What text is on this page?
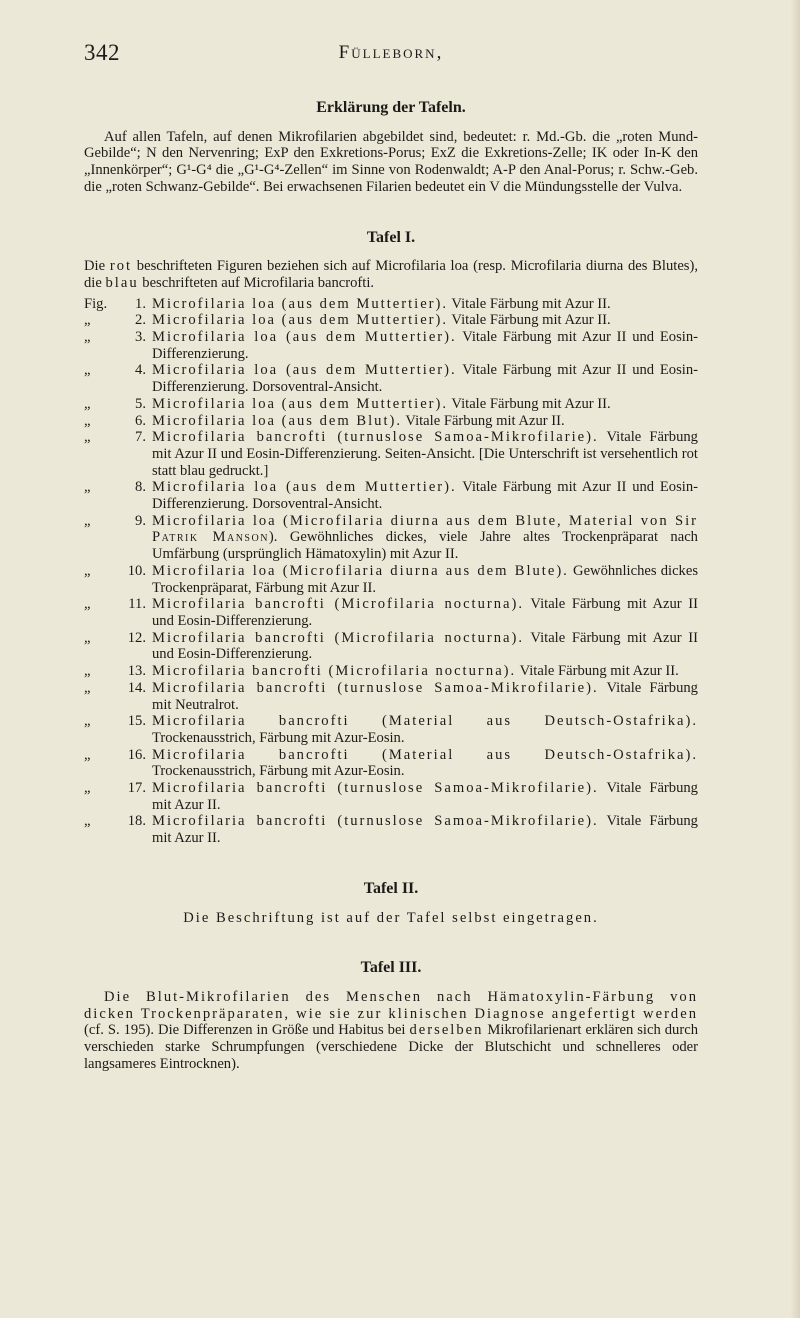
342	Fülleborn,
Erklärung der Tafeln.

Auf allen Tafeln, auf denen Mikrofilarien abgebildet sind, bedeutet: r. Md.-Gb. die „roten Mund-Gebilde“; N den Nervenring; ExP den Exkretions-Porus; ExZ die Exkretions-Zelle; IK oder In-K den „Innenkörper“; G¹-G⁴ die „G¹-G⁴-Zellen“ im Sinne von Rodenwaldt; A-P den Anal-Porus; r. Schw.-Geb. die „roten Schwanz-Gebilde“. Bei erwachsenen Filarien bedeutet ein V die Mündungsstelle der Vulva.

Tafel I.

Die rot beschrifteten Figuren beziehen sich auf Microfilaria loa (resp. Microfilaria diurna des Blutes), die blau beschrifteten auf Microfilaria bancrofti.

Fig.	1. Microfilaria loa (aus dem Muttertier). Vitale Färbung mit Azur II.
„	2. Microfilaria loa (aus dem Muttertier). Vitale Färbung mit Azur II.
„	3. Microfilaria loa (aus dem Muttertier). Vitale Färbung mit Azur II und Eosin-Differenzierung.
„	4. Microfilaria loa (aus dem Muttertier). Vitale Färbung mit Azur II und Eosin-Differenzierung. Dorsoventral-Ansicht.
„	5. Microfilaria loa (aus dem Muttertier). Vitale Färbung mit Azur II.
„	6. Microfilaria loa (aus dem Blut). Vitale Färbung mit Azur II.
„	7. Microfilaria bancrofti (turnuslose Samoa-Mikrofilarie). Vitale Färbung mit Azur II und Eosin-Differenzierung. Seiten-Ansicht. [Die Unterschrift ist versehentlich rot statt blau gedruckt.]
„	8. Microfilaria loa (aus dem Muttertier). Vitale Färbung mit Azur II und Eosin-Differenzierung. Dorsoventral-Ansicht.
„	9. Microfilaria loa (Microfilaria diurna aus dem Blute, Material von Sir Patrik Manson). Gewöhnliches dickes, viele Jahre altes Trockenpräparat nach Umfärbung (ursprünglich Hämatoxylin) mit Azur II.
„	10. Microfilaria loa (Microfilaria diurna aus dem Blute). Gewöhnliches dickes Trockenpräparat, Färbung mit Azur II.
„	11. Microfilaria bancrofti (Microfilaria nocturna). Vitale Färbung mit Azur II und Eosin-Differenzierung.
„	12. Microfilaria bancrofti (Microfilaria nocturna). Vitale Färbung mit Azur II und Eosin-Differenzierung.
„	13. Microfilaria bancrofti (Microfilaria noctuгna). Vitale Färbung mit Azur II.
„	14. Microfilaria bancrofti (turnuslose Samoa-Mikrofilarie). Vitale Färbung mit Neutralrot.
„	15. Microfilaria bancrofti (Material aus Deutsch-Ostafrika). Trockenausstrich, Färbung mit Azur-Eosin.
„	16. Microfilaria bancrofti (Material aus Deutsch-Ostafrika). Trockenausstrich, Färbung mit Azur-Eosin.
„	17. Microfilaria bancrofti (turnuslose Samoa-Mikrofilarie). Vitale Färbung mit Azur II.
„	18. Microfilaria bancrofti (turnuslose Samoa-Mikrofilarie). Vitale Färbung mit Azur II.
Tafel II.

Die Beschriftung ist auf der Tafel selbst eingetragen.

Tafel III.

Die Blut-Mikrofilarien des Menschen nach Hämatoxylin-Färbung von dicken Trockenpräparaten, wie sie zur klinischen Diagnose angefertigt werden (cf. S. 195). Die Differenzen in Größe und Habitus bei derselben Mikrofilarienart erklären sich durch verschieden starke Schrumpfungen (verschiedene Dicke der Blutschicht und schnelleres oder langsameres Eintrocknen).
